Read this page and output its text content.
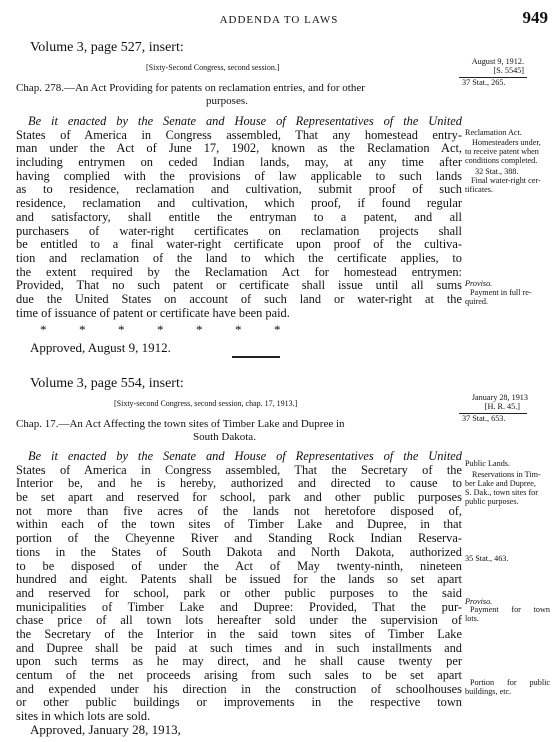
ADDENDA TO LAWS	949
Volume 3, page 527, insert:
[Sixty-Second Congress, second session.]
August 9, 1912.
[S. 5545]
37 Stat., 265.
Chap. 278.—An Act Providing for patents on reclamation entries, and for other
purposes.
Be it enacted by the Senate and House of Representatives of the United
States of America in Congress assembled, That any homestead entry-
man under the Act of June 17, 1902, known as the Reclamation Act,
including entrymen on ceded Indian lands, may, at any time after
having complied with the provisions of law applicable to such lands
as to residence, reclamation and cultivation, submit proof of such
residence, reclamation and cultivation, which proof, if found regular
and satisfactory, shall entitle the entryman to a patent, and all
purchasers of water-right certificates on reclamation projects shall
be entitled to a final water-right certificate upon proof of the cultiva-
tion and reclamation of the land to which the certificate applies, to
the extent required by the Reclamation Act for homestead entrymen:
Provided, That no such patent or certificate shall issue until all sums
due the United States on account of such land or water-right at the
time of issuance of patent or certificate have been paid.
Reclamation Act.
Homesteaders under,
to receive patent when
conditions completed.
32 Stat., 388.
Final water-right cer-
tificates.
Proviso.
Payment in full re-
quired.
*          *          *          *          *          *          *
Approved, August 9, 1912.
Volume 3, page 554, insert:
[Sixty-second Congress, second session, chap. 17, 1913.]
January 28, 1913
[H. R. 45.]
37 Stat., 653.
Chap. 17.—An Act Affecting the town sites of Timber Lake and Dupree in
South Dakota.
Be it enacted by the Senate and House of Representatives of the United
States of America in Congress assembled, That the Secretary of the
Interior be, and he is hereby, authorized and directed to cause to
be set apart and reserved for school, park and other public purposes
not more than five acres of the lands not heretofore disposed of,
within each of the town sites of Timber Lake and Dupree, in that
portion of the Cheyenne River and Standing Rock Indian Reserva-
tions in the States of South Dakota and North Dakota, authorized
to be disposed of under the Act of May twenty-ninth, nineteen
hundred and eight. Patents shall be issued for the lands so set apart
and reserved for school, park or other public purposes to the said
municipalities of Timber Lake and Dupree: Provided, That the pur-
chase price of all town lots hereafter sold under the supervision of
the Secretary of the Interior in the said town sites of Timber Lake
and Dupree shall be paid at such times and in such installments and
upon such terms as he may direct, and he shall cause twenty per
centum of the net proceeds arising from such sales to be set apart
and expended under his direction in the construction of schoolhouses
or other public buildings or improvements in the respective town
sites in which lots are sold.
Public Lands.
Reservations in Tim-
ber Lake and Dupree,
S. Dak., town sites for
public purposes.
35 Stat., 463.
Proviso.
Payment for town
lots.
Portion for public
buildings, etc.
Approved, January 28, 1913,
